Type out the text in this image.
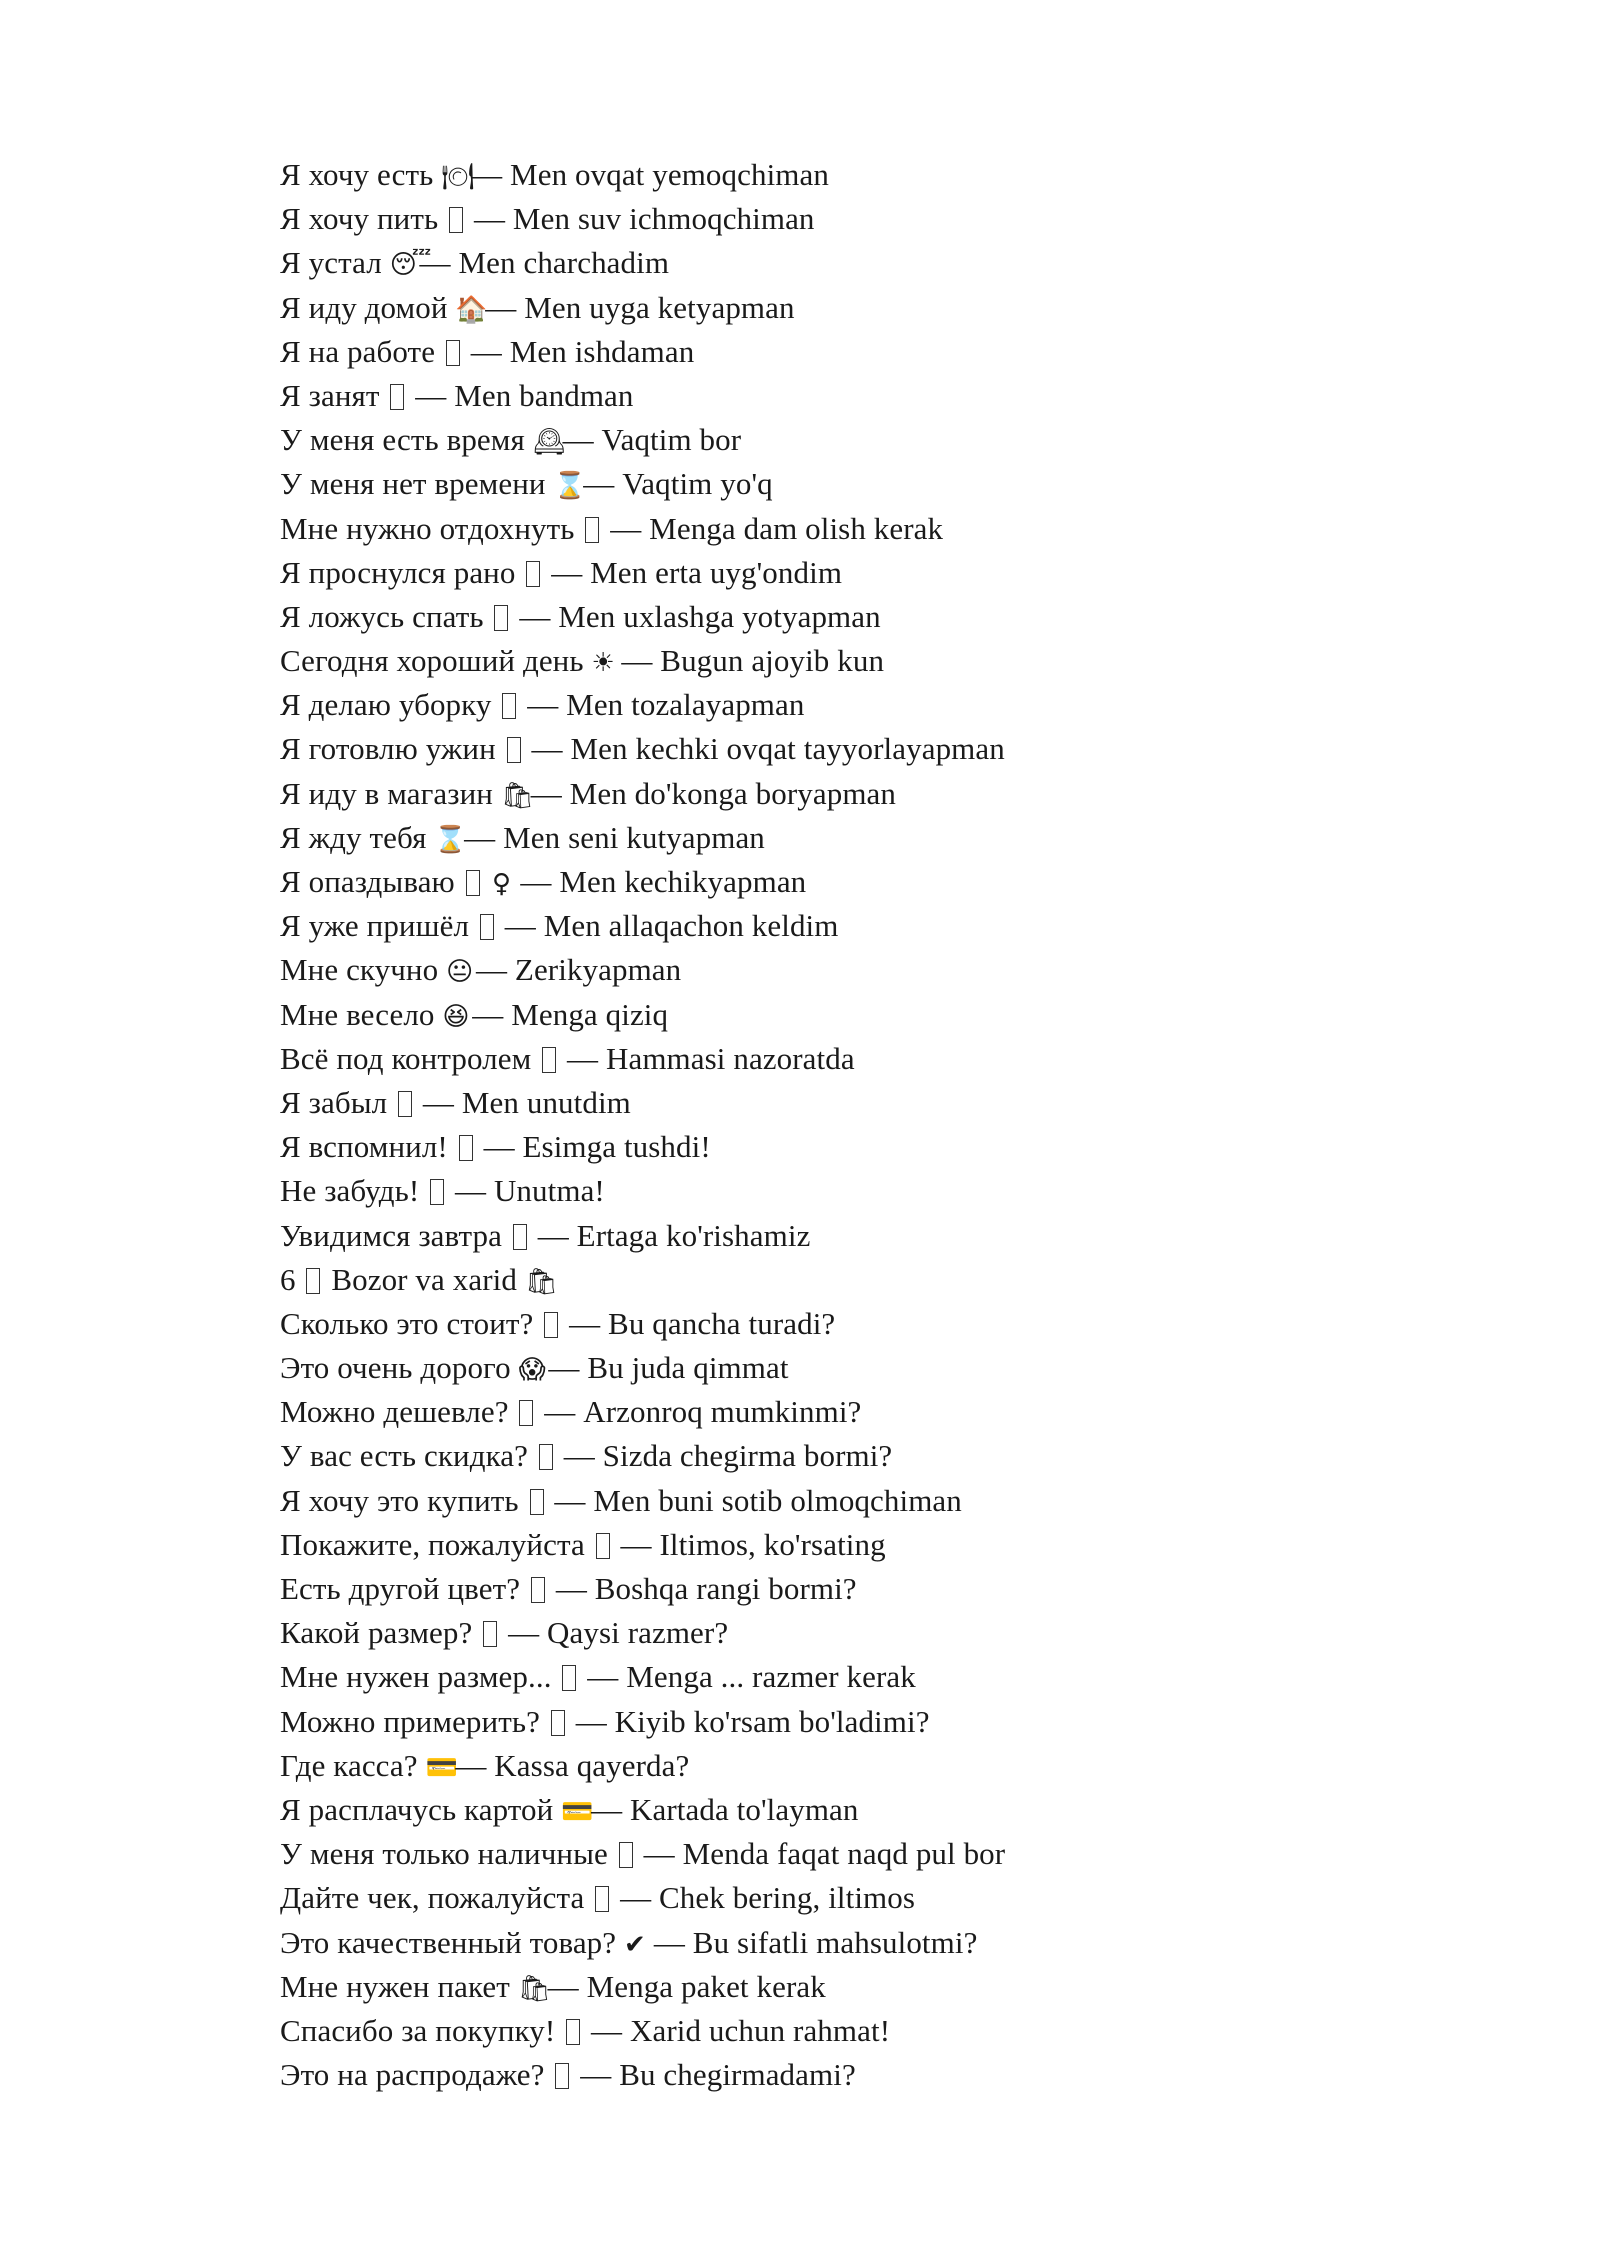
Я хочу есть 🍽 — Men ovqat yemoqchiman
Я хочу пить — Men suv ichmoqchiman
Я устал 😴 — Men charchadim
Я иду домой 🏠 — Men uyga ketyapman
Я на работе — Men ishdaman
Я занят — Men bandman
У меня есть время 🕰 — Vaqtim bor
У меня нет времени ⌛ — Vaqtim yo'q
Мне нужно отдохнуть — Menga dam olish kerak
Я проснулся рано — Men erta uyg'ondim
Я ложусь спать — Men uxlashga yotyapman
Сегодня хороший день ☀ — Bugun ajoyib kun
Я делаю уборку — Men tozalayapman
Я готовлю ужин — Men kechki ovqat tayyorlayapman
Я иду в магазин 🛍 — Men do'konga boryapman
Я жду тебя ⌛ — Men seni kutyapman
Я опаздываю ♀ — Men kechikyapman
Я уже пришёл — Men allaqachon keldim
Мне скучно 😐 — Zerikyapman
Мне весело 😆 — Menga qiziq
Всё под контролем — Hammasi nazoratda
Я забыл — Men unutdim
Я вспомнил! — Esimga tushdi!
Не забудь! — Unutma!
Увидимся завтра — Ertaga ko'rishamiz
6 Bozor va xarid 🛍
Сколько это стоит? — Bu qancha turadi?
Это очень дорого 😱 — Bu juda qimmat
Можно дешевле? — Arzonroq mumkinmi?
У вас есть скидка? — Sizda chegirma bormi?
Я хочу это купить — Men buni sotib olmoqchiman
Покажите, пожалуйста — Iltimos, ko'rsating
Есть другой цвет? — Boshqa rangi bormi?
Какой размер? — Qaysi razmer?
Мне нужен размер... — Menga ... razmer kerak
Можно примерить? — Kiyib ko'rsam bo'ladimi?
Где касса? 💳 — Kassa qayerda?
Я расплачусь картой 💳 — Kartada to'layman
У меня только наличные — Menda faqat naqd pul bor
Дайте чек, пожалуйста — Chek bering, iltimos
Это качественный товар? ✔ — Bu sifatli mahsulotmi?
Мне нужен пакет 🛍 — Menga paket kerak
Спасибо за покупку! — Xarid uchun rahmat!
Это на распродаже? — Bu chegirmadami?
